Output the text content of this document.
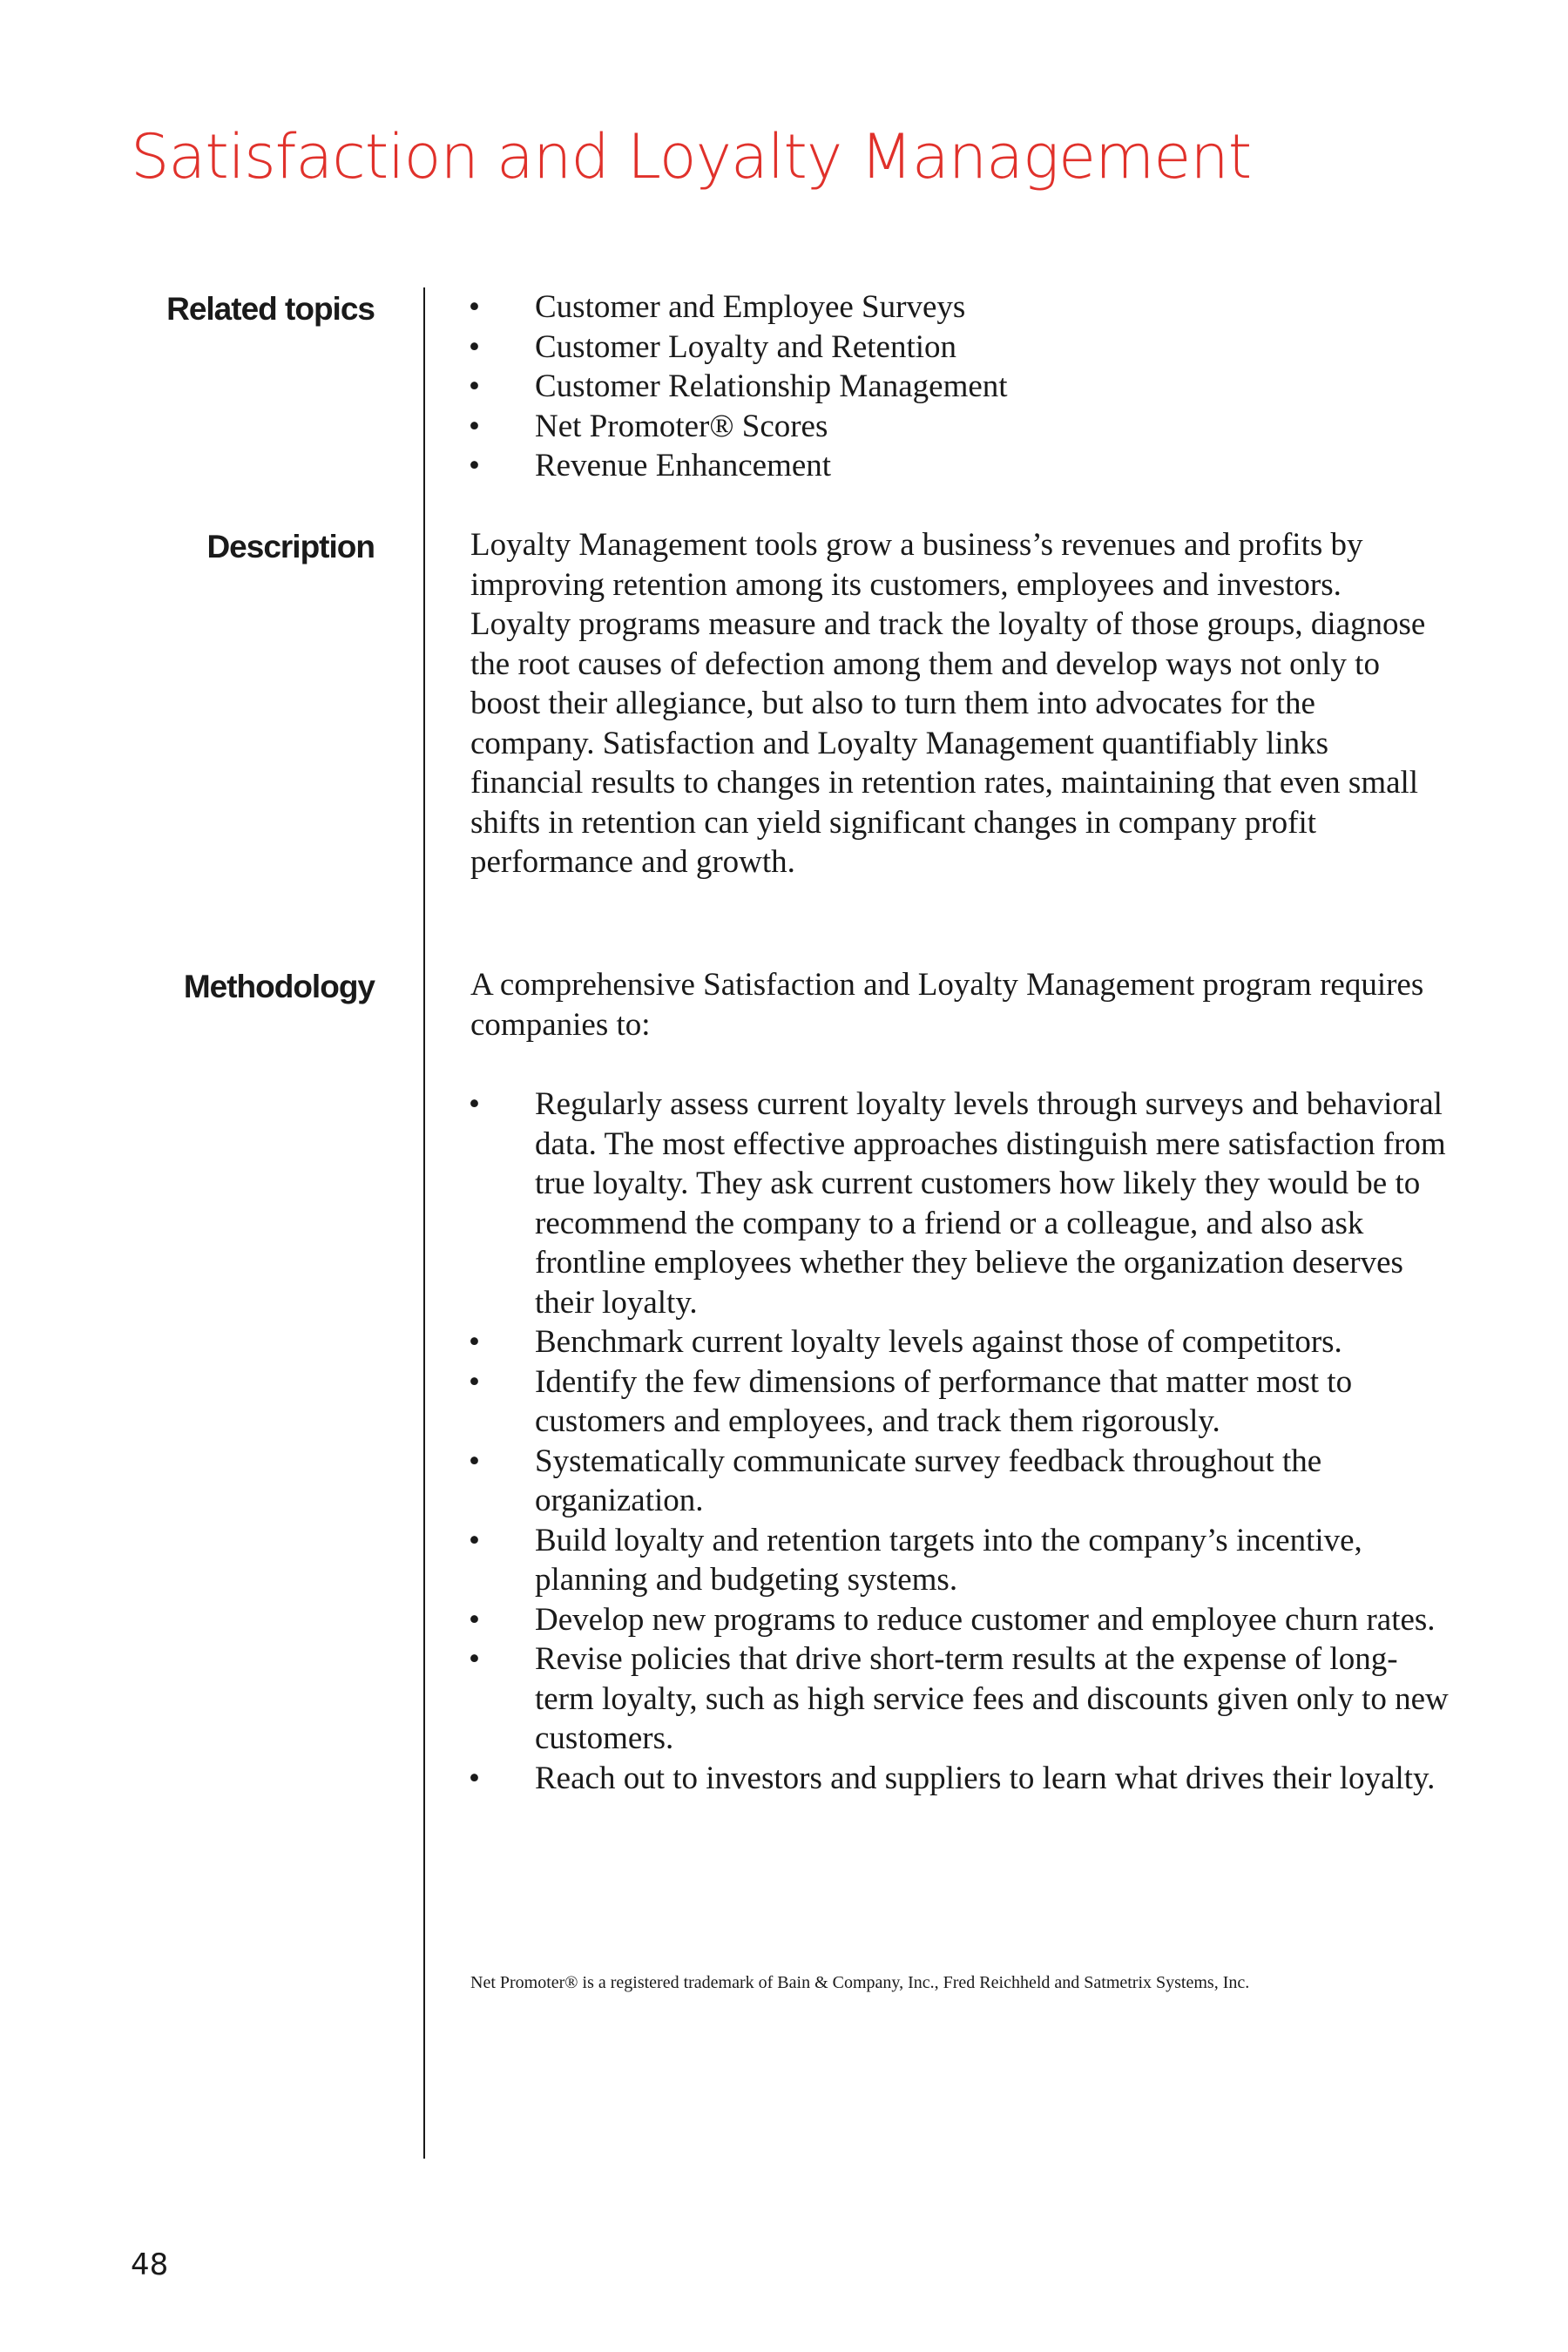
Satisfaction and Loyalty Management
Related topics	•	Customer and Employee Surveys
•	Customer Loyalty and Retention
•	Customer Relationship Management
•	Net Promoter® Scores
•	Revenue Enhancement
Description	Loyalty Management tools grow a business’s revenues and profits by improving retention among its customers, employees and investors. Loyalty programs measure and track the loyalty of those groups, diagnose the root causes of defection among them and develop ways not only to boost their allegiance, but also to turn them into advocates for the company. Satisfaction and Loyalty Management quantifiably links financial results to changes in retention rates, maintaining that even small shifts in retention can yield significant changes in company profit performance and growth.

Methodology	A comprehensive Satisfaction and Loyalty Management program requires companies to:

•	Regularly assess current loyalty levels through surveys and behavioral data. The most effective approaches distinguish mere satisfaction from true loyalty. They ask current customers how likely they would be to recommend the company to a friend or a colleague, and also ask frontline employees whether they believe the organization deserves their loyalty.
•	Benchmark current loyalty levels against those of competitors.
•	Identify the few dimensions of performance that matter most to customers and employees, and track them rigorously.
•	Systematically communicate survey feedback throughout the organization.
•	Build loyalty and retention targets into the company’s incentive, planning and budgeting systems.
•	Develop new programs to reduce customer and employee churn rates.
•	Revise policies that drive short-term results at the expense of long-term loyalty, such as high service fees and discounts given only to new customers.
•	Reach out to investors and suppliers to learn what drives their loyalty.

Net Promoter® is a registered trademark of Bain & Company, Inc., Fred Reichheld and Satmetrix Systems, Inc.

48
